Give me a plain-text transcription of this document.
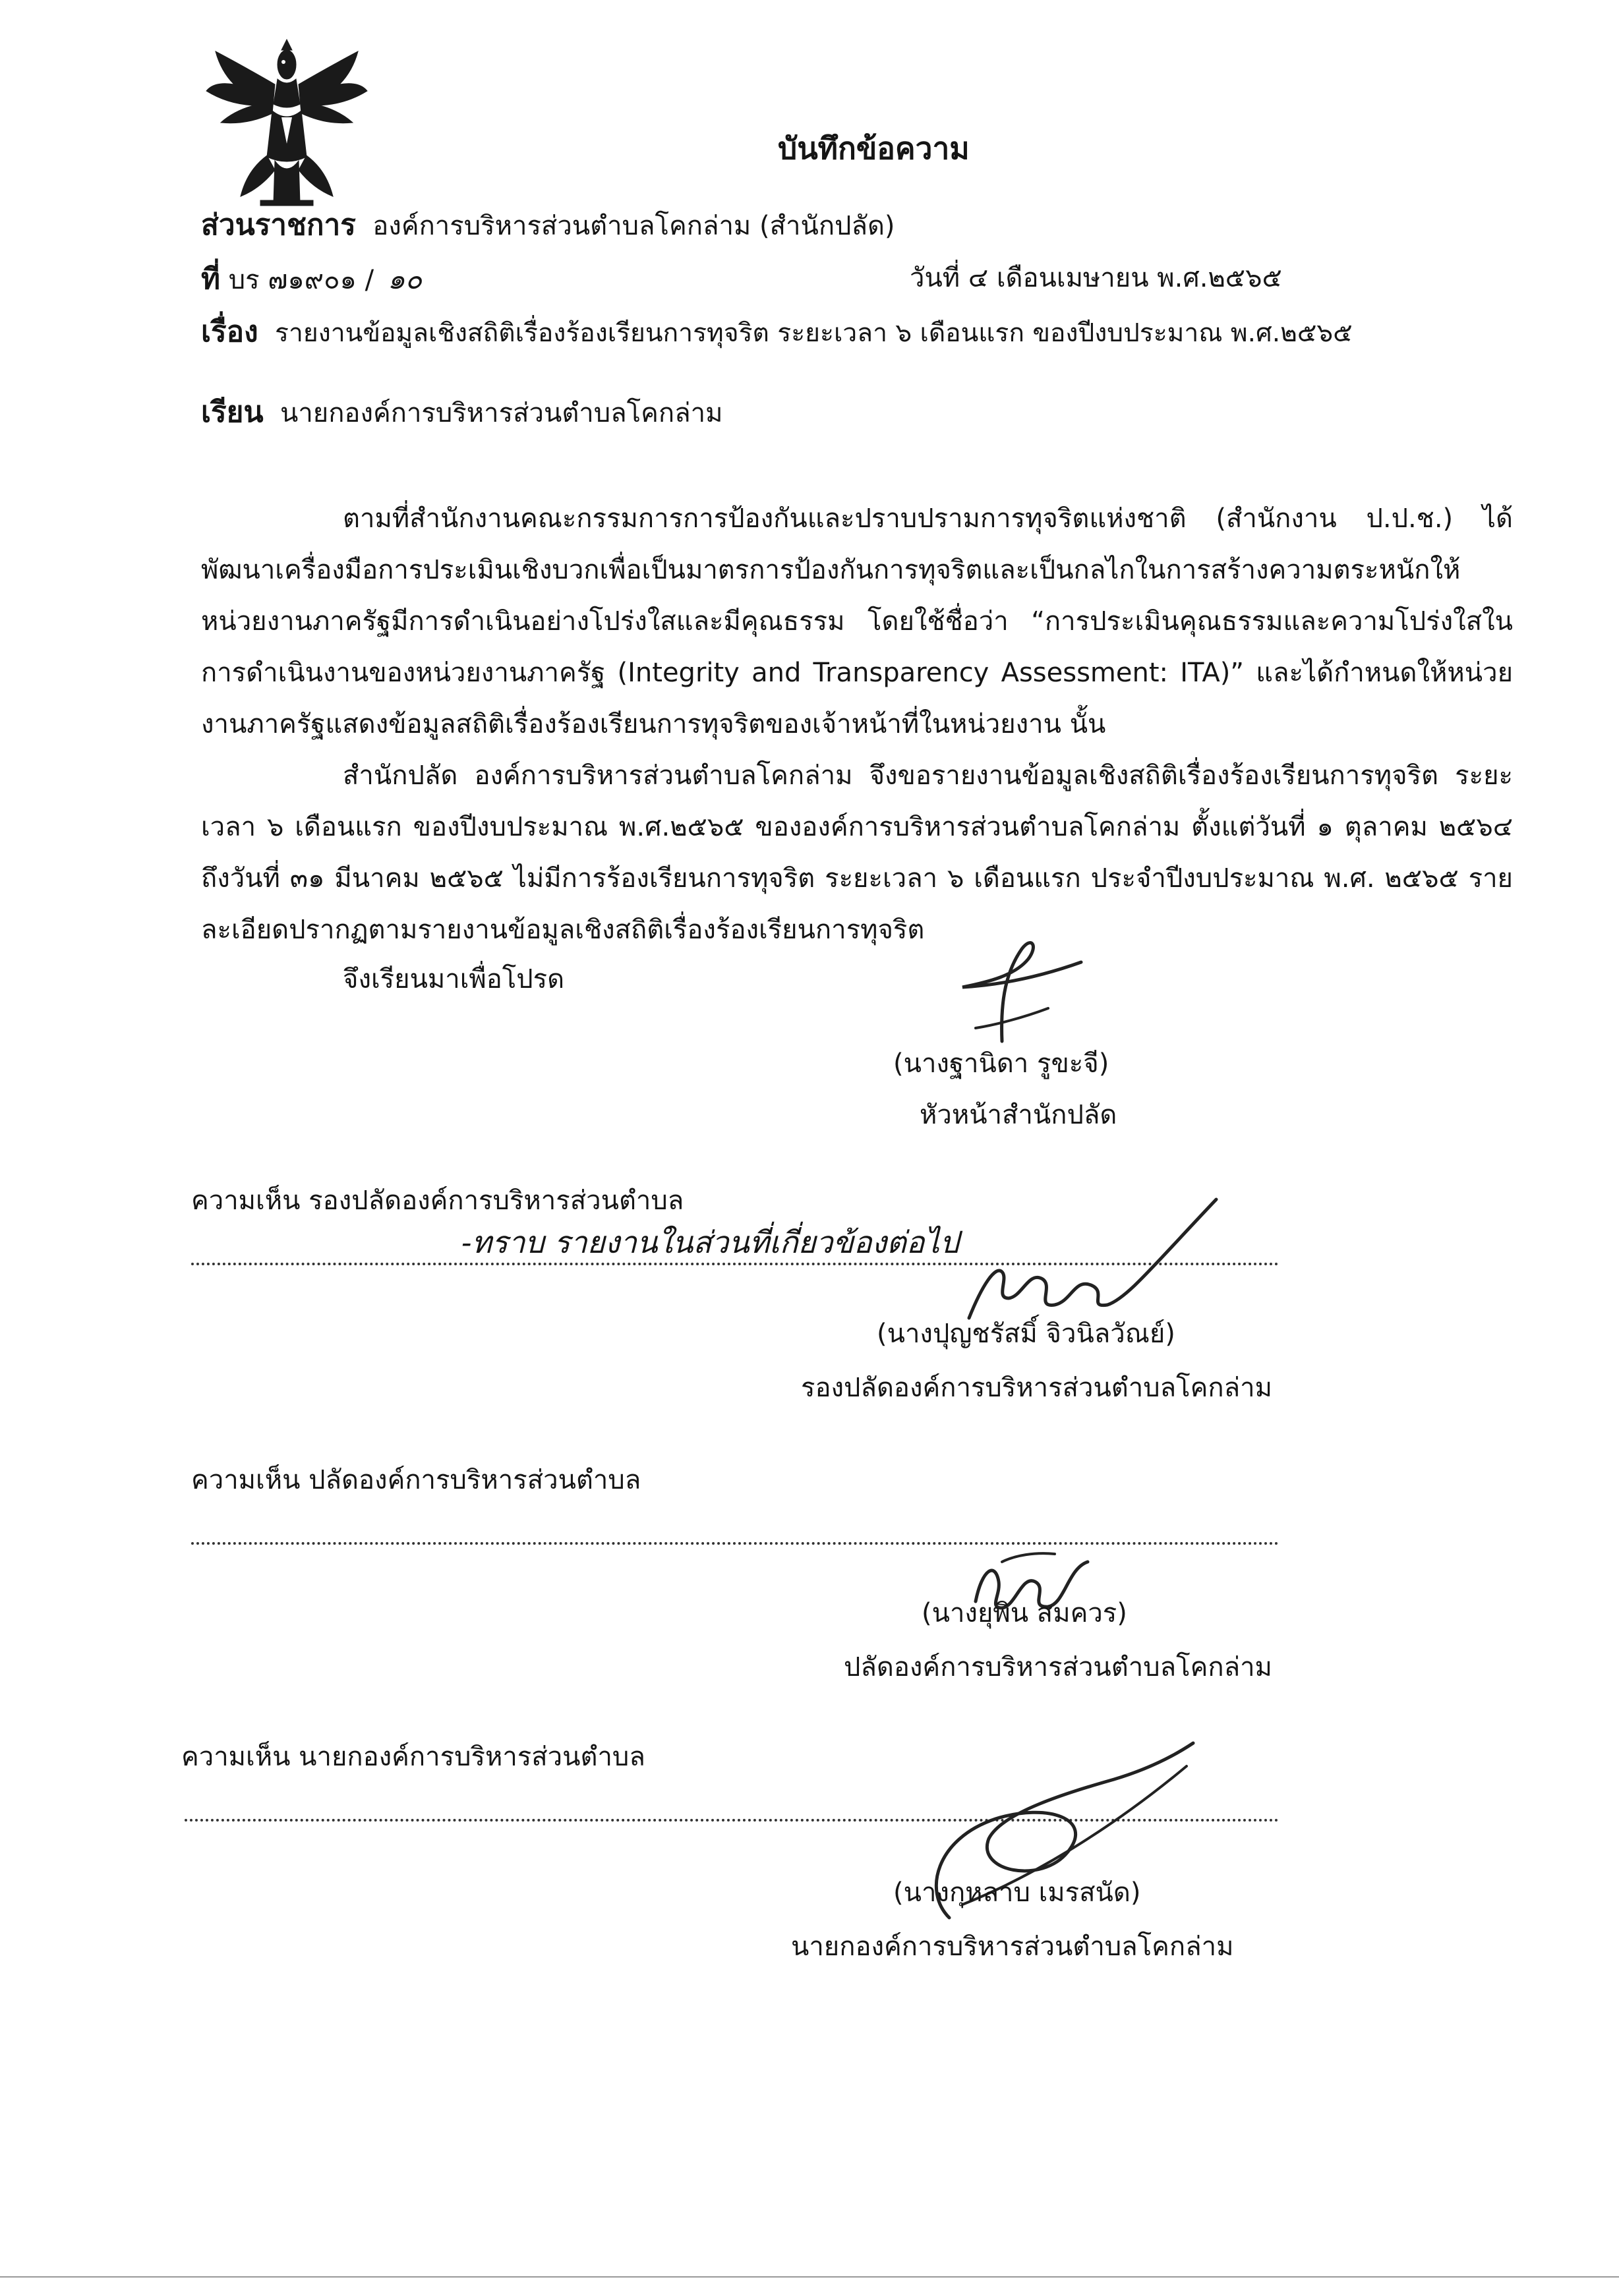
บันทึกข้อความ
ส่วนราชการ องค์การบริหารส่วนตำบลโคกล่าม (สำนักปลัด)
ที่ บร ๗๑๙๐๑ / ๑๐	วันที่ ๔ เดือนเมษายน พ.ศ.๒๕๖๕
เรื่อง รายงานข้อมูลเชิงสถิติเรื่องร้องเรียนการทุจริต ระยะเวลา ๖ เดือนแรก ของปีงบประมาณ พ.ศ.๒๕๖๕
เรียน นายกองค์การบริหารส่วนตำบลโคกล่าม

ตามที่สำนักงานคณะกรรมการการป้องกันและปราบปรามการทุจริตแห่งชาติ (สำนักงาน ป.ป.ช.) ได้พัฒนาเครื่องมือการประเมินเชิงบวกเพื่อเป็นมาตรการป้องกันการทุจริตและเป็นกลไกในการสร้างความตระหนักให้หน่วยงานภาครัฐมีการดำเนินอย่างโปร่งใสและมีคุณธรรม โดยใช้ชื่อว่า “การประเมินคุณธรรมและความโปร่งใสในการดำเนินงานของหน่วยงานภาครัฐ (Integrity and Transparency Assessment: ITA)” และได้กำหนดให้หน่วยงานภาครัฐแสดงข้อมูลสถิติเรื่องร้องเรียนการทุจริตของเจ้าหน้าที่ในหน่วยงาน นั้น

สำนักปลัด องค์การบริหารส่วนตำบลโคกล่าม จึงขอรายงานข้อมูลเชิงสถิติเรื่องร้องเรียนการทุจริต ระยะเวลา ๖ เดือนแรก ของปีงบประมาณ พ.ศ.๒๕๖๕ ขององค์การบริหารส่วนตำบลโคกล่าม ตั้งแต่วันที่ ๑ ตุลาคม ๒๕๖๔ ถึงวันที่ ๓๑ มีนาคม ๒๕๖๕ ไม่มีการร้องเรียนการทุจริต ระยะเวลา ๖ เดือนแรก ประจำปีงบประมาณ พ.ศ. ๒๕๖๕ รายละเอียดปรากฏตามรายงานข้อมูลเชิงสถิติเรื่องร้องเรียนการทุจริต

จึงเรียนมาเพื่อโปรด
(นางฐานิดา รูขะจี)
หัวหน้าสำนักปลัด
ความเห็น รองปลัดองค์การบริหารส่วนตำบล
-ทราบ รายงานในส่วนที่เกี่ยวข้องต่อไป
(นางปุญชรัสมิ์ จิวนิลวัณย์)
รองปลัดองค์การบริหารส่วนตำบลโคกล่าม
ความเห็น ปลัดองค์การบริหารส่วนตำบล
(นางยุพิน สมควร)
ปลัดองค์การบริหารส่วนตำบลโคกล่าม
ความเห็น นายกองค์การบริหารส่วนตำบล
(นางกุหลาบ เมรสนัด)
นายกองค์การบริหารส่วนตำบลโคกล่าม
